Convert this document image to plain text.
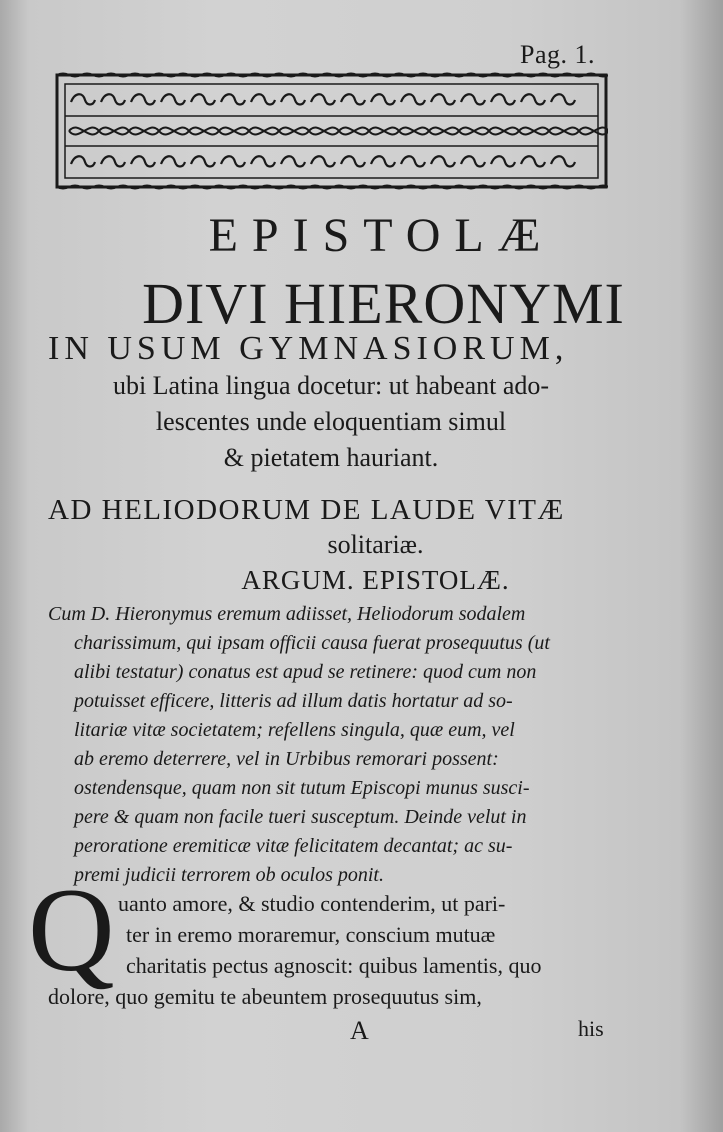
Pag. 1.
EPISTOLÆ
DIVI HIERONYMI
IN USUM GYMNASIORUM,
ubi Latina lingua docetur: ut habeant ado-
lescentes unde eloquentiam simul
& pietatem hauriant.
AD HELIODORUM DE LAUDE VITÆ
solitariæ.
ARGUM. EPISTOLÆ.
Cum D. Hieronymus eremum adiisset, Heliodorum sodalem
charissimum, qui ipsam officii causa fuerat prosequutus (ut
alibi testatur) conatus est apud se retinere: quod cum non
potuisset efficere, litteris ad illum datis hortatur ad so-
litariæ vitæ societatem; refellens singula, quæ eum, vel
ab eremo deterrere, vel in Urbibus remorari possent:
ostendensque, quam non sit tutum Episcopi munus susci-
pere & quam non facile tueri susceptum. Deinde velut in
peroratione eremiticæ vitæ felicitatem decantat; ac su-
premi judicii terrorem ob oculos ponit.
Q uanto amore, & studio contenderim, ut pari-
ter in eremo moraremur, conscium mutuæ
charitatis pectus agnoscit: quibus lamentis, quo
dolore, quo gemitu te abeuntem prosequutus sim,
A	his
